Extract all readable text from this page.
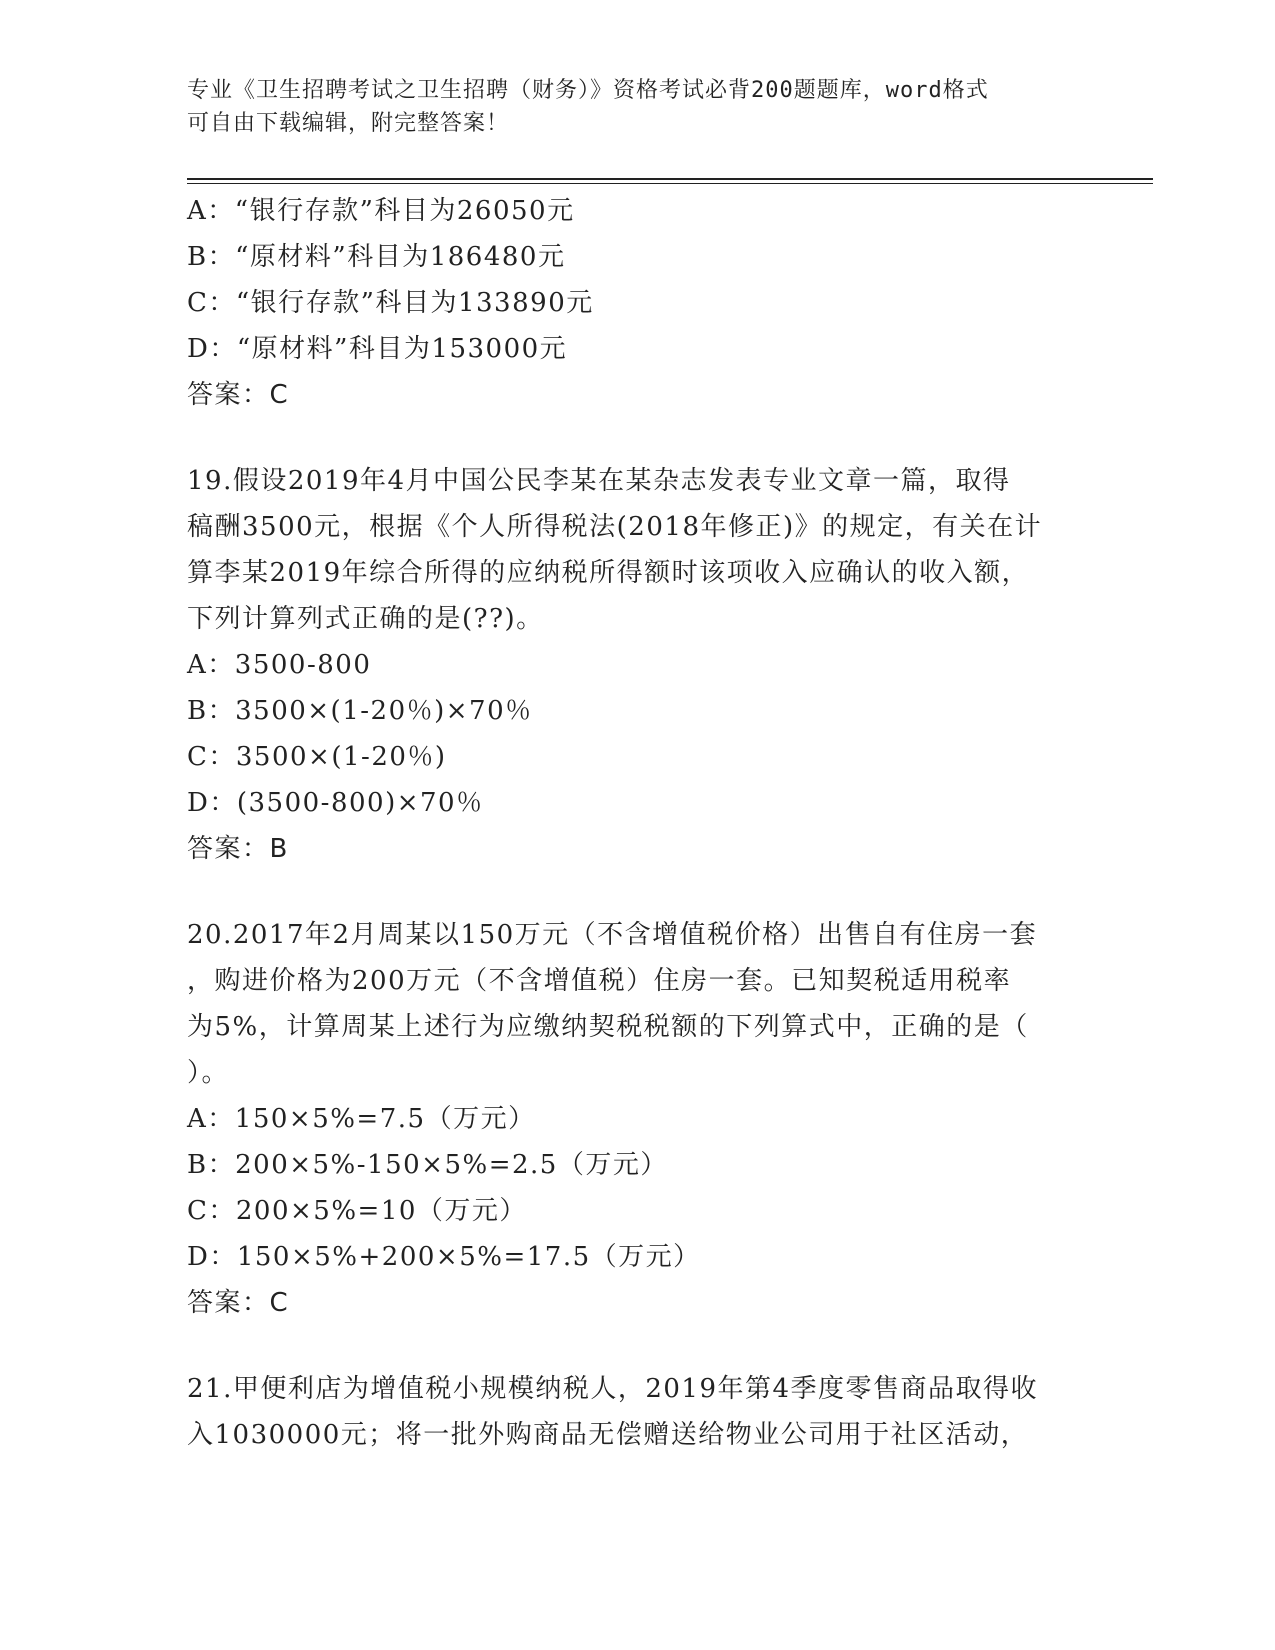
专业《卫生招聘考试之卫生招聘（财务）》资格考试必背200题题库，word格式
可自由下载编辑，附完整答案！
A：“银行存款”科目为26050元
B：“原材料”科目为186480元
C：“银行存款”科目为133890元
D：“原材料”科目为153000元
答案：C
19.假设2019年4月中国公民李某在某杂志发表专业文章一篇，取得
稿酬3500元，根据《个人所得税法(2018年修正)》的规定，有关在计
算李某2019年综合所得的应纳税所得额时该项收入应确认的收入额，
下列计算列式正确的是(??)。
A：3500-800
B：3500×(1-20％)×70％
C：3500×(1-20％)
D：(3500-800)×70％
答案：B
20.2017年2月周某以150万元（不含增值税价格）出售自有住房一套
，购进价格为200万元（不含增值税）住房一套。已知契税适用税率
为5%，计算周某上述行为应缴纳契税税额的下列算式中，正确的是（
）。
A：150×5%=7.5（万元）
B：200×5%-150×5%=2.5（万元）
C：200×5%=10（万元）
D：150×5%+200×5%=17.5（万元）
答案：C
21.甲便利店为增值税小规模纳税人，2019年第4季度零售商品取得收
入1030000元；将一批外购商品无偿赠送给物业公司用于社区活动，
